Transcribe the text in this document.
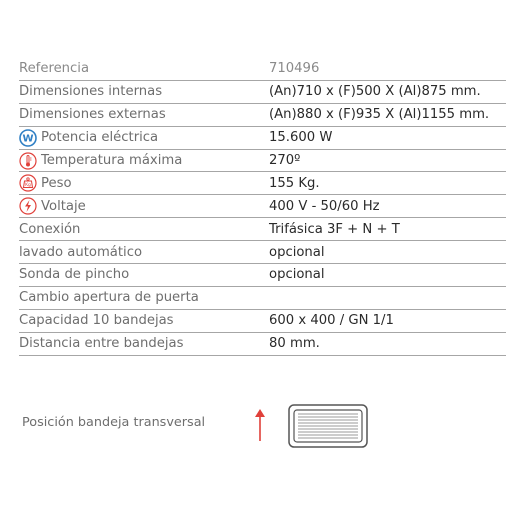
Referencia	710496
Dimensiones internas	(An)710 x (F)500 X (Al)875 mm.
Dimensiones externas	(An)880 x (F)935 X (Al)1155 mm.
W Potencia eléctrica	15.600 W
Temperatura máxima	270º
Kg Peso	155 Kg.
Voltaje	400 V - 50/60 Hz
Conexión	Trifásica 3F + N + T
lavado automático	opcional
Sonda de pincho	opcional
Cambio apertura de puerta
Capacidad 10 bandejas	600 x 400 / GN 1/1
Distancia entre bandejas	80 mm.
Posición bandeja transversal
